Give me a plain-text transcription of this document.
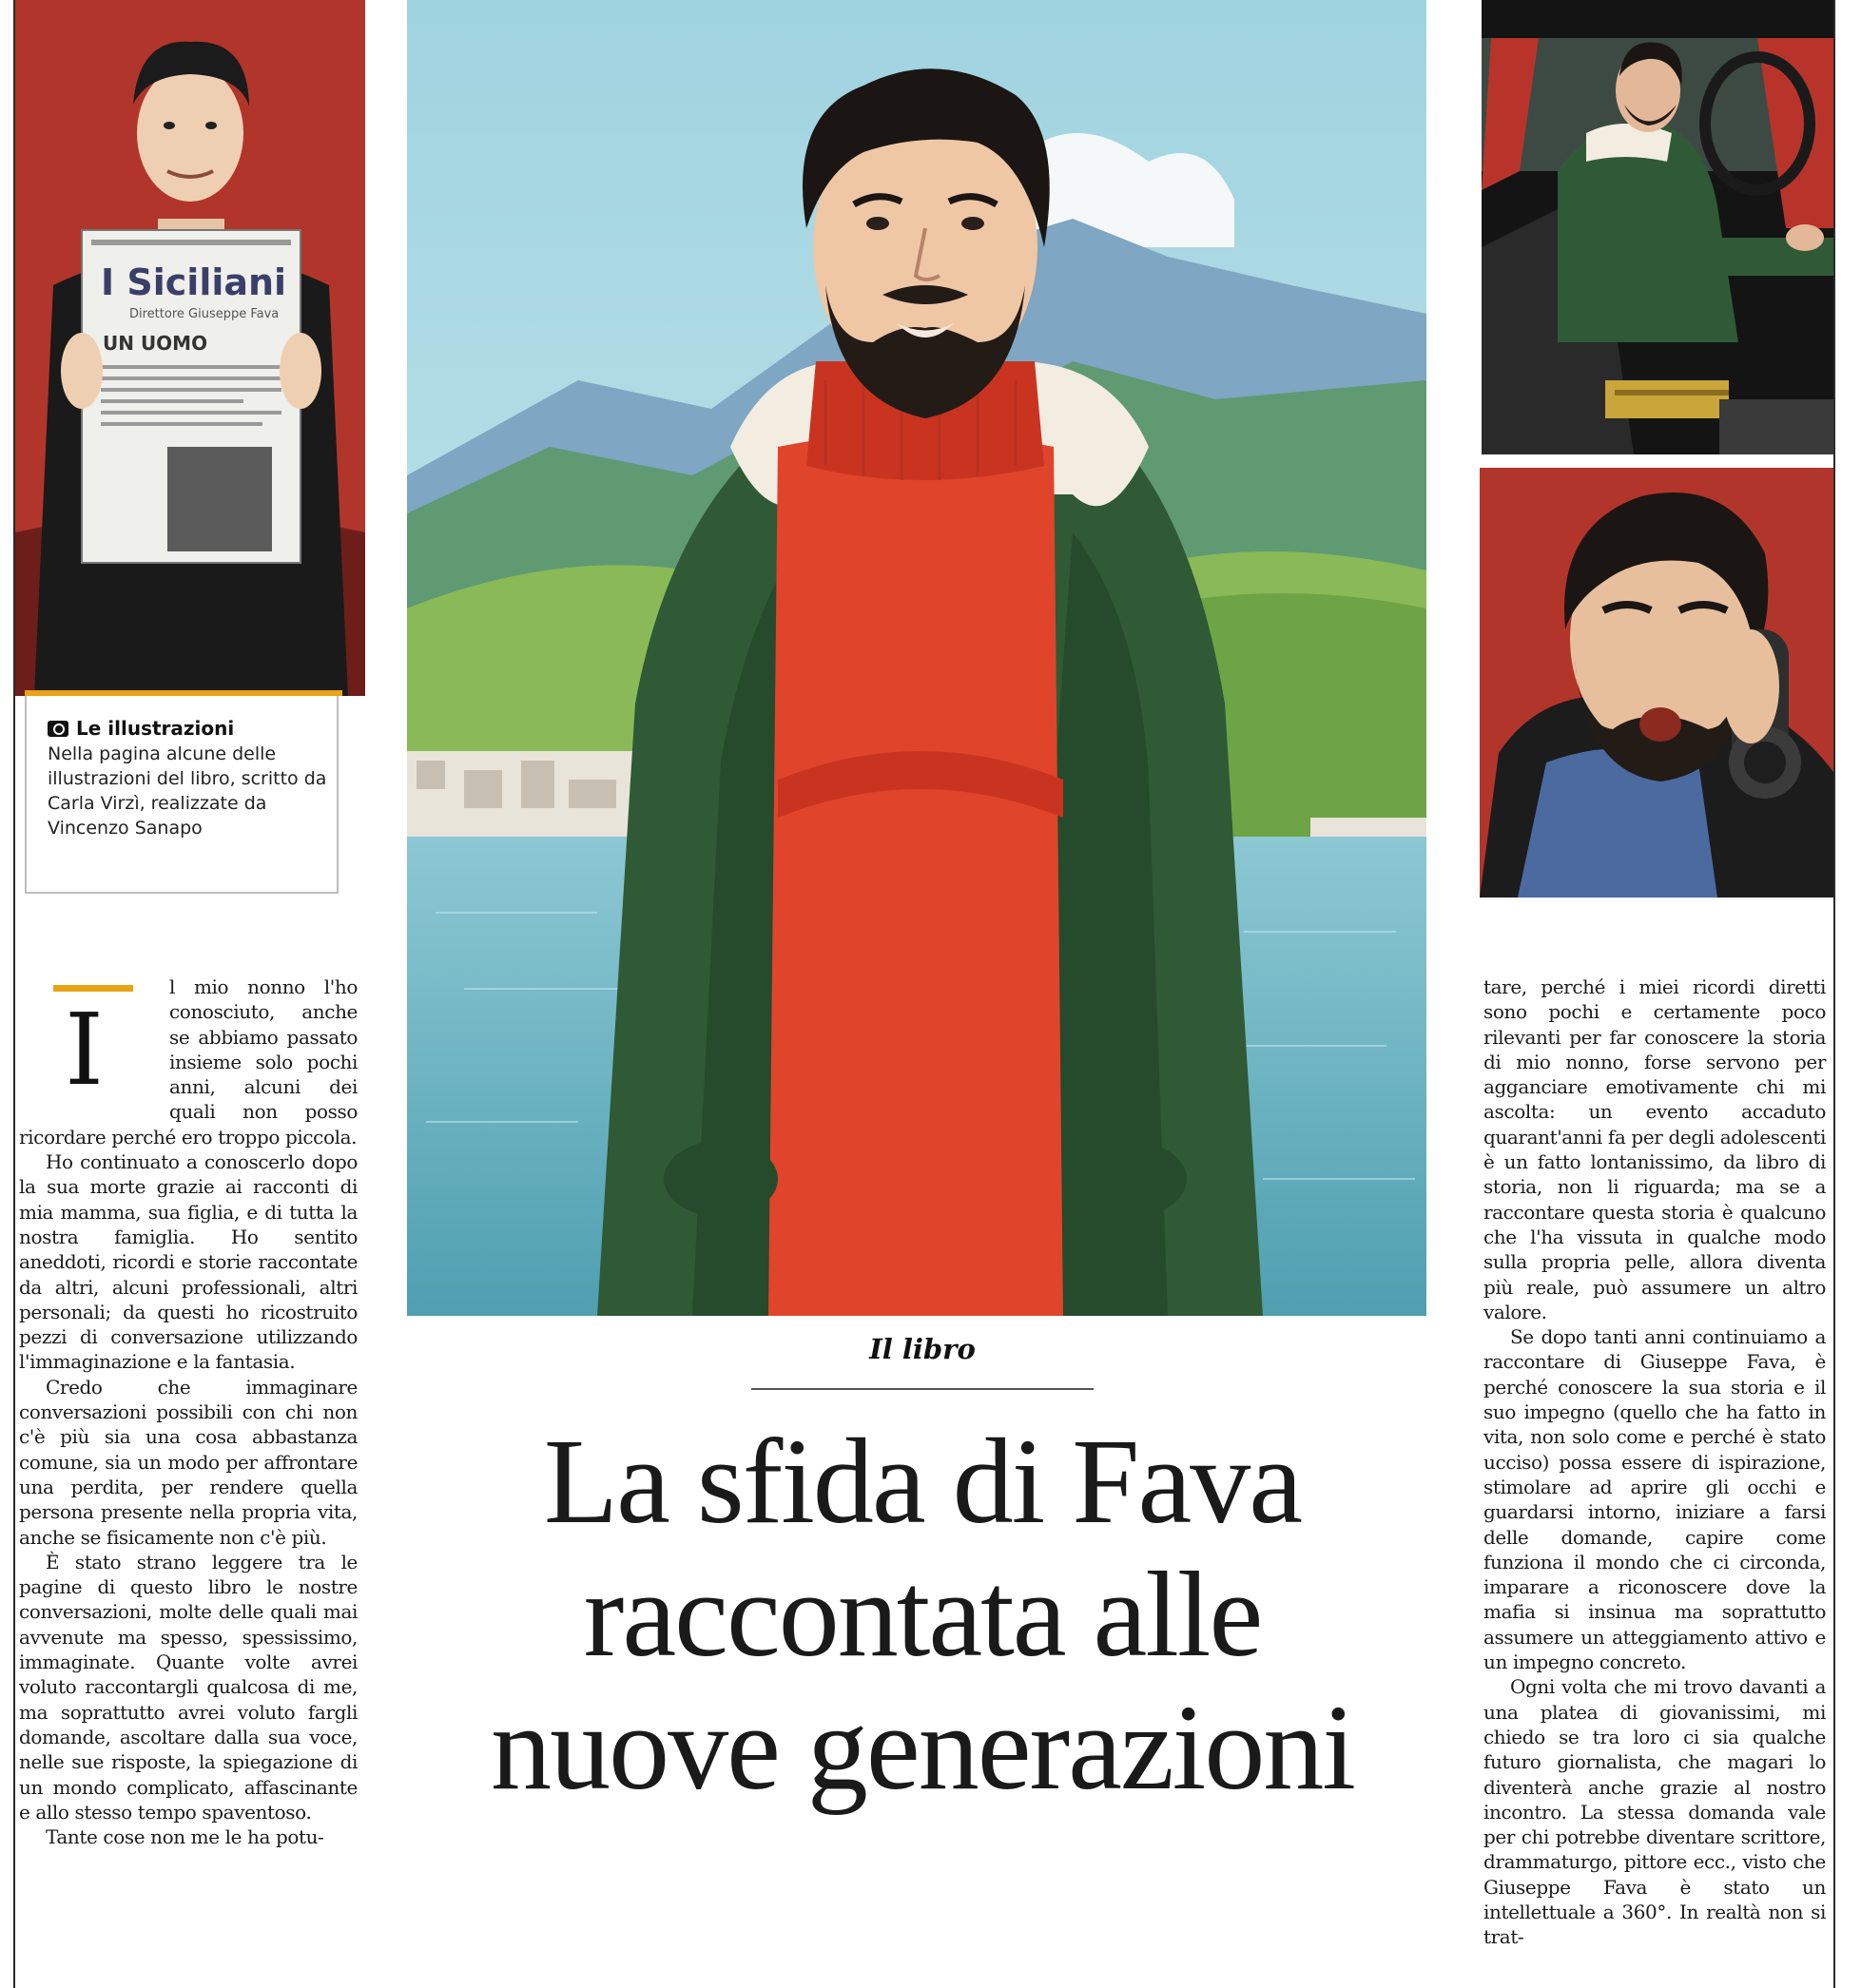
I Siciliani
Direttore Giuseppe Fava
UN UOMO
Le illustrazioni
Nella pagina alcune delle illustrazioni del libro, scritto da Carla Virzì, realizzate da Vincenzo Sanapo
I

l mio nonno l'ho conosciuto, anche se abbiamo passato insieme solo pochi anni, alcuni dei quali non posso ricordare perché ero troppo piccola.

Ho continuato a conoscerlo dopo la sua morte grazie ai racconti di mia mamma, sua figlia, e di tutta la nostra famiglia. Ho sentito aneddoti, ricordi e storie raccontate da altri, alcuni professionali, altri personali; da questi ho ricostruito pezzi di conversazione utilizzando l'immaginazione e la fantasia.

Credo che immaginare conversazioni possibili con chi non c'è più sia una cosa abbastanza comune, sia un modo per affrontare una perdita, per rendere quella persona presente nella propria vita, anche se fisicamente non c'è più.

È stato strano leggere tra le pagine di questo libro le nostre conversazioni, molte delle quali mai avvenute ma spesso, spessissimo, immaginate. Quante volte avrei voluto raccontargli qualcosa di me, ma soprattutto avrei voluto fargli domande, ascoltare dalla sua voce, nelle sue risposte, la spiegazione di un mondo complicato, affascinante e allo stesso tempo spaventoso.

Tante cose non me le ha potu-

Il libro
La sfida di Fava raccontata alle nuove generazioni

tare, perché i miei ricordi diretti sono pochi e certamente poco rilevanti per far conoscere la storia di mio nonno, forse servono per agganciare emotivamente chi mi ascolta: un evento accaduto quarant'anni fa per degli adolescenti è un fatto lontanissimo, da libro di storia, non li riguarda; ma se a raccontare questa storia è qualcuno che l'ha vissuta in qualche modo sulla propria pelle, allora diventa più reale, può assumere un altro valore.

Se dopo tanti anni continuiamo a raccontare di Giuseppe Fava, è perché conoscere la sua storia e il suo impegno (quello che ha fatto in vita, non solo come e perché è stato ucciso) possa essere di ispirazione, stimolare ad aprire gli occhi e guardarsi intorno, iniziare a farsi delle domande, capire come funziona il mondo che ci circonda, imparare a riconoscere dove la mafia si insinua ma soprattutto assumere un atteggiamento attivo e un impegno concreto.

Ogni volta che mi trovo davanti a una platea di giovanissimi, mi chiedo se tra loro ci sia qualche futuro giornalista, che magari lo diventerà anche grazie al nostro incontro. La stessa domanda vale per chi potrebbe diventare scrittore, drammaturgo, pittore ecc., visto che Giuseppe Fava è stato un intellettuale a 360°. In realtà non si trat-
